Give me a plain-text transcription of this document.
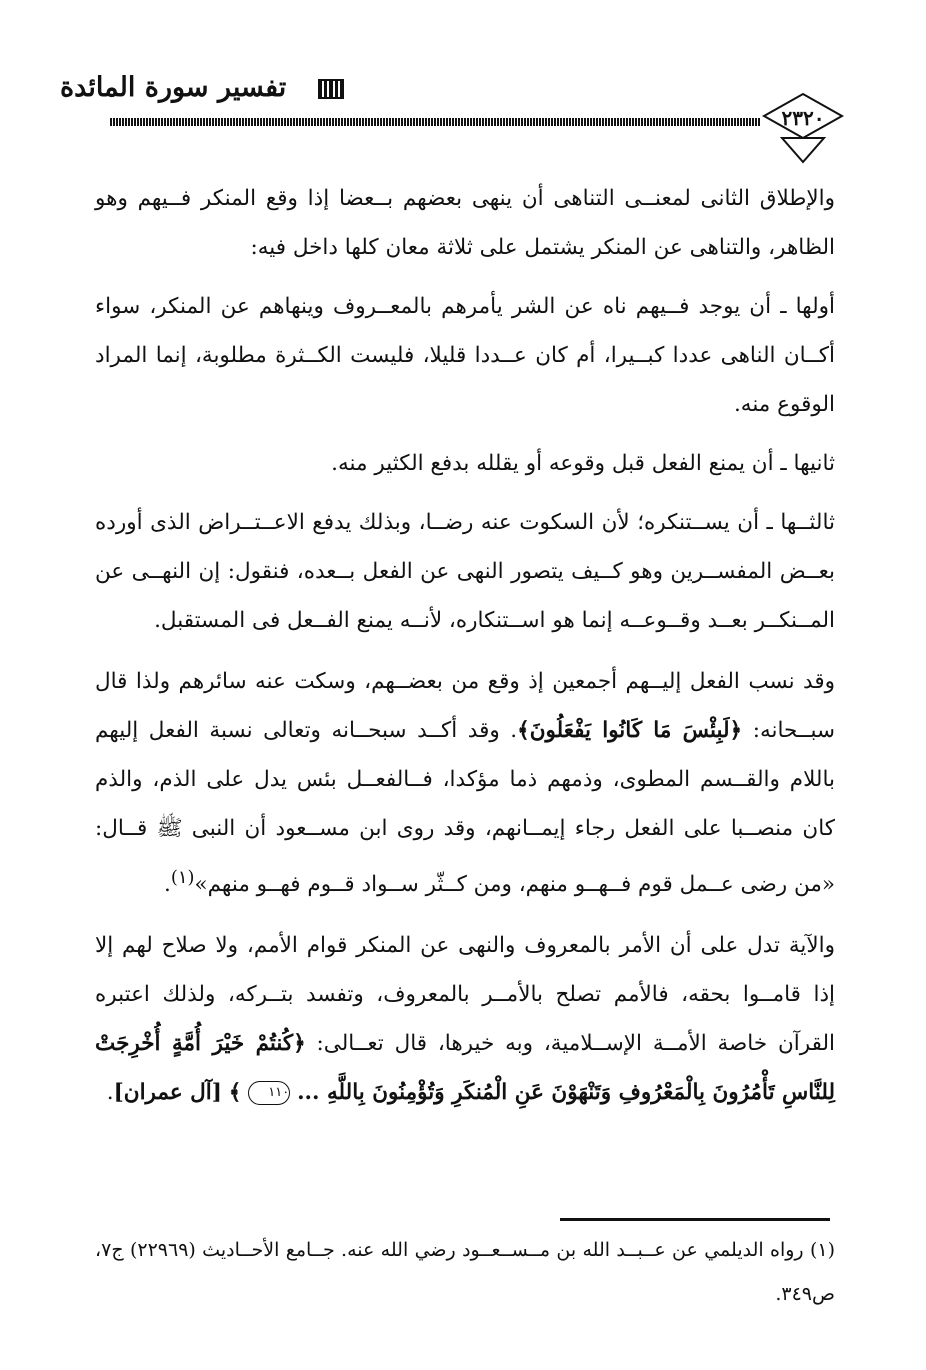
تفسير سورة المائدة
٢٣٢٠

والإطلاق الثانى لمعنــى التناهى أن ينهى بعضهم بــعضا إذا وقع المنكر فــيهم وهو الظاهر، والتناهى عن المنكر يشتمل على ثلاثة معان كلها داخل فيه:

أولها ـ أن يوجد فــيهم ناه عن الشر يأمرهم بالمعــروف وينهاهم عن المنكر، سواء أكــان الناهى عددا كبــيرا، أم كان عــددا قليلا، فليست الكــثرة مطلوبة، إنما المراد الوقوع منه.

ثانيها ـ أن يمنع الفعل قبل وقوعه أو يقلله بدفع الكثير منه.

ثالثــها ـ أن يســتنكره؛ لأن السكوت عنه رضــا، وبذلك يدفع الاعــتــراض الذى أورده بعــض المفســرين وهو كــيف يتصور النهى عن الفعل بــعده، فنقول: إن النهــى عن المــنكــر بعــد وقــوعــه إنما هو اســتنكاره، لأنــه يمنع الفــعل فى المستقبل.

وقد نسب الفعل إليــهم أجمعين إذ وقع من بعضــهم، وسكت عنه سائرهم ولذا قال سبــحانه: ﴿لَبِئْسَ مَا كَانُوا يَفْعَلُونَ﴾. وقد أكــد سبحــانه وتعالى نسبة الفعل إليهم باللام والقــسم المطوى، وذمهم ذما مؤكدا، فــالفعــل بئس يدل على الذم، والذم كان منصــبا على الفعل رجاء إيمــانهم، وقد روى ابن مســعود أن النبى ﷺ قــال: «من رضى عــمل قوم فــهــو منهم، ومن كــثّر ســواد قــوم فهــو منهم»$^{(١)}$.

والآية تدل على أن الأمر بالمعروف والنهى عن المنكر قوام الأمم، ولا صلاح لهم إلا إذا قامــوا بحقه، فالأمم تصلح بالأمــر بالمعروف، وتفسد بتــركه، ولذلك اعتبره القرآن خاصة الأمــة الإســلامية، وبه خيرها، قال تعــالى: ﴿كُنتُمْ خَيْرَ أُمَّةٍ أُخْرِجَتْ لِلنَّاسِ تَأْمُرُونَ بِالْمَعْرُوفِ وَتَنْهَوْنَ عَنِ الْمُنكَرِ وَتُؤْمِنُونَ بِاللَّهِ ... ١١٠ ﴾ [آل عمران].

(١) رواه الديلمي عن عــبــد الله بن مــســعــود رضي الله عنه. جــامع الأحــاديث (٢٢٩٦٩) ج٧، ص٣٤٩.
